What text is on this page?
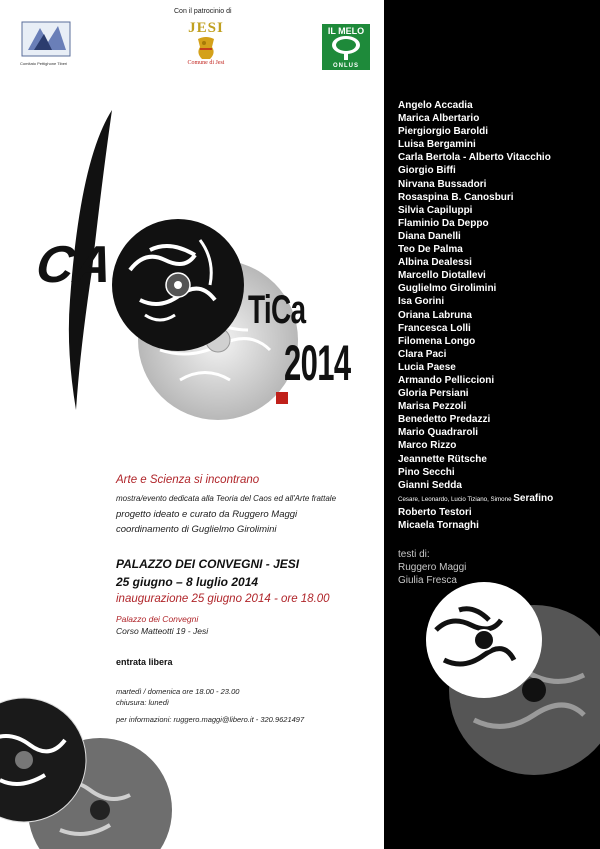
Con il patrocinio di
Comitato Pettighone Tiberi
JESI
Comune di Jesi
IL MELO
ONLUS
CA
TiCa
2014
Arte e Scienza si incontrano
mostra/evento dedicata alla Teoria del Caos ed all'Arte frattale
progetto ideato e curato da Ruggero Maggi
coordinamento di Guglielmo Girolimini
PALAZZO DEI CONVEGNI - JESI
25 giugno – 8 luglio 2014
inaugurazione 25 giugno 2014 - ore 18.00
Palazzo dei Convegni
Corso Matteotti 19 - Jesi
entrata libera
martedì / domenica ore 18.00 - 23.00
chiusura: lunedì
per informazioni: ruggero.maggi@libero.it - 320.9621497
Angelo Accadia
Marica Albertario
Piergiorgio Baroldi
Luisa Bergamini
Carla Bertola - Alberto Vitacchio
Giorgio Biffi
Nirvana Bussadori
Rosaspina B. Canosburi
Silvia Capiluppi
Flaminio Da Deppo
Diana Danelli
Teo De Palma
Albina Dealessi
Marcello Diotallevi
Guglielmo Girolimini
Isa Gorini
Oriana Labruna
Francesca Lolli
Filomena Longo
Clara Paci
Lucia Paese
Armando Pelliccioni
Gloria Persiani
Marisa Pezzoli
Benedetto Predazzi
Mario Quadraroli
Marco Rizzo
Jeannette Rütsche
Pino Secchi
Gianni Sedda
Cesare, Leonardo, Lucio Tiziano, Simone Serafino
Roberto Testori
Micaela Tornaghi
testi di:
Ruggero Maggi
Giulia Fresca
